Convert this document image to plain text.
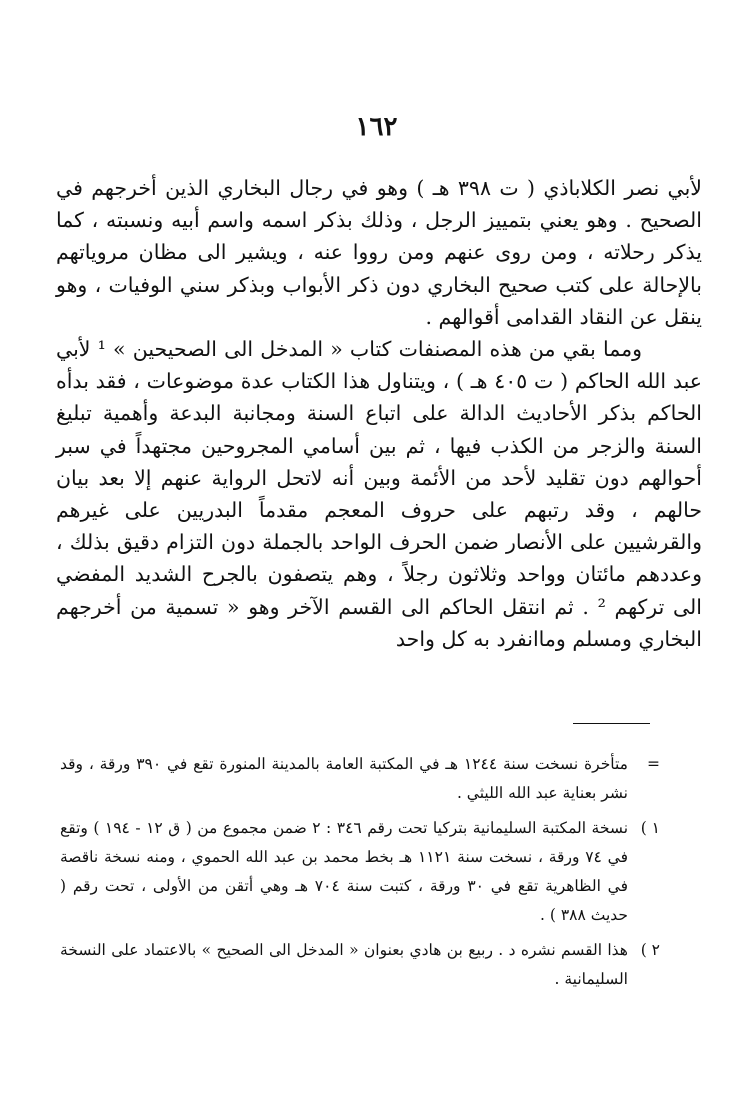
١٦٢

لأبي نصر الكلاباذي ( ت ٣٩٨ هـ ) وهو في رجال البخاري الذين أخرجهم في الصحيح . وهو يعني بتمييز الرجل ، وذلك بذكر اسمه واسم أبيه ونسبته ، كما يذكر رحلاته ، ومن روى عنهم ومن رووا عنه ، ويشير الى مظان مروياتهم بالإحالة على كتب صحيح البخاري دون ذكر الأبواب وبذكر سني الوفيات ، وهو ينقل عن النقاد القدامى أقوالهم .

ومما بقي من هذه المصنفات كتاب « المدخل الى الصحيحين » ¹ لأبي عبد الله الحاكم ( ت ٤٠٥ هـ ) ، ويتناول هذا الكتاب عدة موضوعات ، فقد بدأه الحاكم بذكر الأحاديث الدالة على اتباع السنة ومجانبة البدعة وأهمية تبليغ السنة والزجر من الكذب فيها ، ثم بين أسامي المجروحين مجتهداً في سبر أحوالهم دون تقليد لأحد من الأئمة وبين أنه لاتحل الرواية عنهم إلا بعد بيان حالهم ، وقد رتبهم على حروف المعجم مقدماً البدريين على غيرهم والقرشيين على الأنصار ضمن الحرف الواحد بالجملة دون التزام دقيق بذلك ، وعددهم مائتان وواحد وثلاثون رجلاً ، وهم يتصفون بالجرح الشديد المفضي الى تركهم ² . ثم انتقل الحاكم الى القسم الآخر وهو « تسمية من أخرجهم البخاري ومسلم وماانفرد به كل واحد

=
متأخرة نسخت سنة ١٢٤٤ هـ في المكتبة العامة بالمدينة المنورة تقع في ٣٩٠ ورقة ، وقد نشر بعناية عبد الله الليثي .
١ )
نسخة المكتبة السليمانية بتركيا تحت رقم ٣٤٦ : ٢ ضمن مجموع من ( ق ١٢ - ١٩٤ ) وتقع في ٧٤ ورقة ، نسخت سنة ١١٢١ هـ بخط محمد بن عبد الله الحموي ، ومنه نسخة ناقصة في الظاهرية تقع في ٣٠ ورقة ، كتبت سنة ٧٠٤ هـ وهي أتقن من الأولى ، تحت رقم ( حديث ٣٨٨ ) .
٢ )
هذا القسم نشره د . ربيع بن هادي بعنوان « المدخل الى الصحيح » بالاعتماد على النسخة السليمانية .
